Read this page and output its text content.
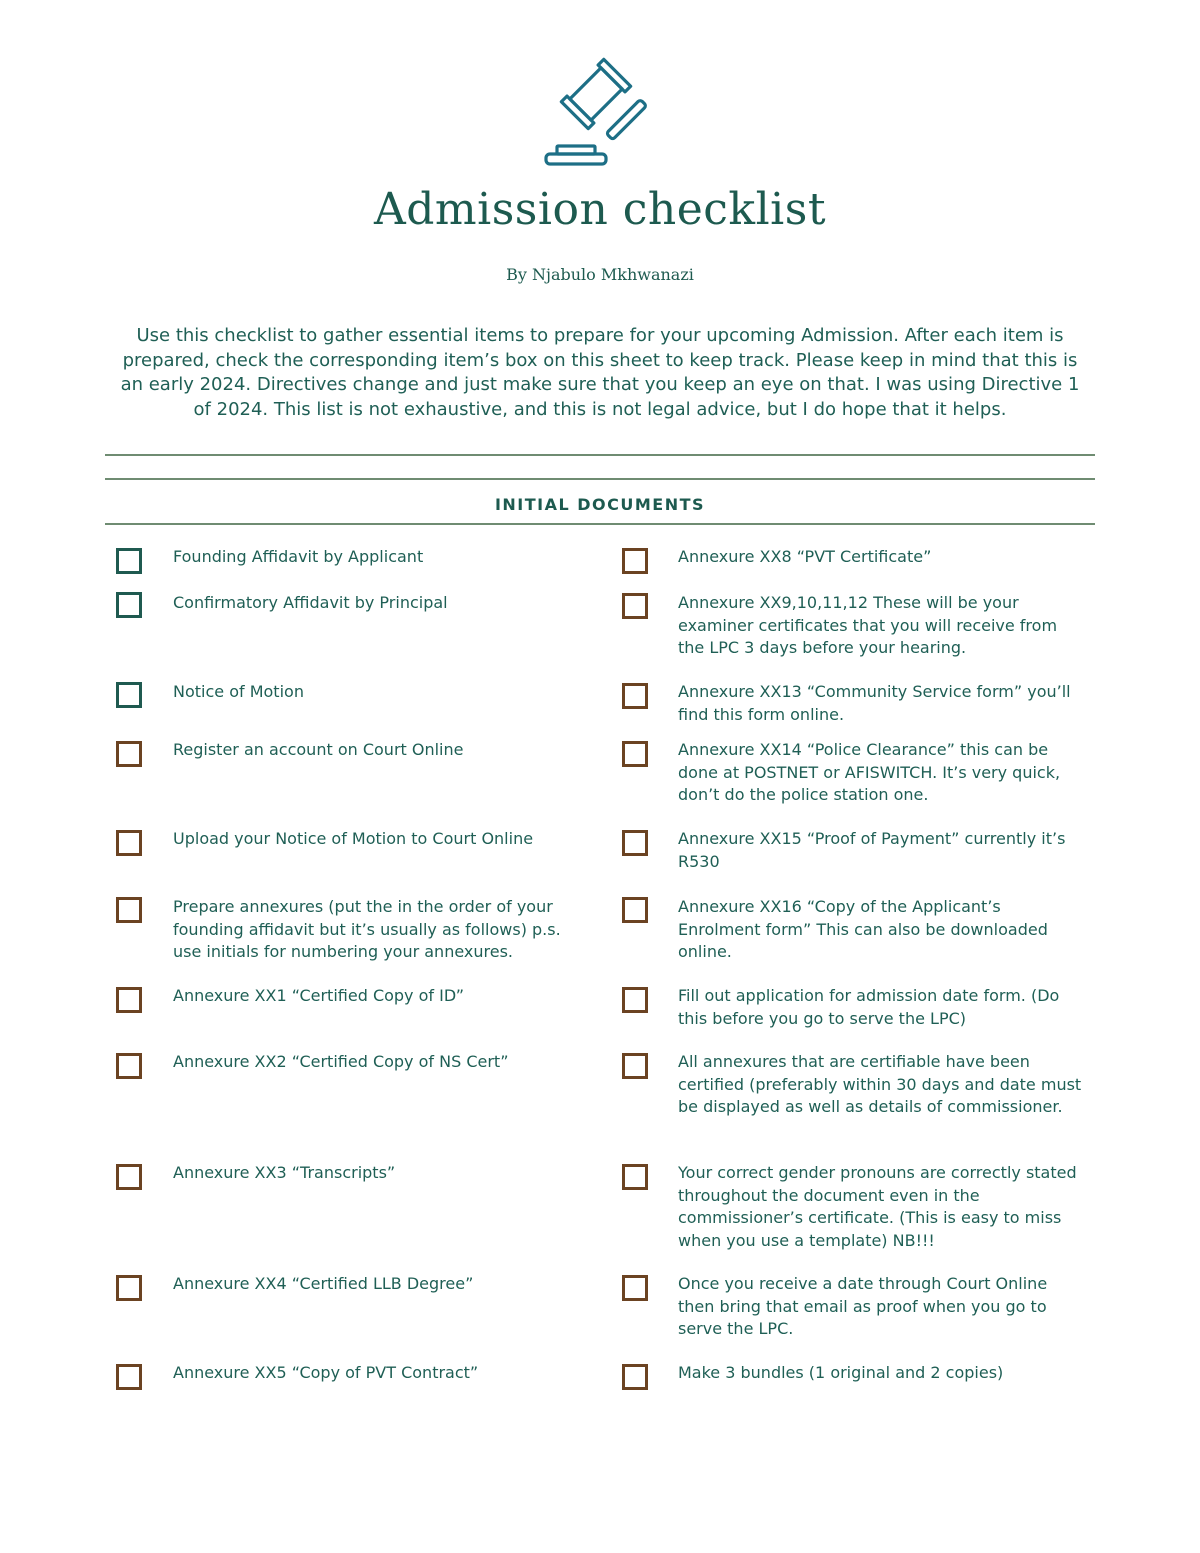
Admission checklist
By Njabulo Mkhwanazi
Use this checklist to gather essential items to prepare for your upcoming Admission. After each item is prepared, check the corresponding item’s box on this sheet to keep track. Please keep in mind that this is an early 2024. Directives change and just make sure that you keep an eye on that. I was using Directive 1 of 2024. This list is not exhaustive, and this is not legal advice, but I do hope that it helps.
INITIAL DOCUMENTS
Founding Affidavit by Applicant
Confirmatory Affidavit by Principal
Notice of Motion
Register an account on Court Online
Upload your Notice of Motion to Court Online
Prepare annexures (put the in the order of your founding affidavit but it’s usually as follows) p.s. use initials for numbering your annexures.
Annexure XX1 “Certified Copy of ID”
Annexure XX2 “Certified Copy of NS Cert”
Annexure XX3 “Transcripts”
Annexure XX4 “Certified LLB Degree”
Annexure XX5 “Copy of PVT Contract”
Annexure XX8 “PVT Certificate”
Annexure XX9,10,11,12 These will be your examiner certificates that you will receive from the LPC 3 days before your hearing.
Annexure XX13 “Community Service form” you’ll find this form online.
Annexure XX14 “Police Clearance” this can be done at POSTNET or AFISWITCH. It’s very quick, don’t do the police station one.
Annexure XX15 “Proof of Payment” currently it’s R530
Annexure XX16 “Copy of the Applicant’s Enrolment form” This can also be downloaded online.
Fill out application for admission date form. (Do this before you go to serve the LPC)
All annexures that are certifiable have been certified (preferably within 30 days and date must be displayed as well as details of commissioner.
Your correct gender pronouns are correctly stated throughout the document even in the commissioner’s certificate. (This is easy to miss when you use a template) NB!!!
Once you receive a date through Court Online then bring that email as proof when you go to serve the LPC.
Make 3 bundles (1 original and 2 copies)
